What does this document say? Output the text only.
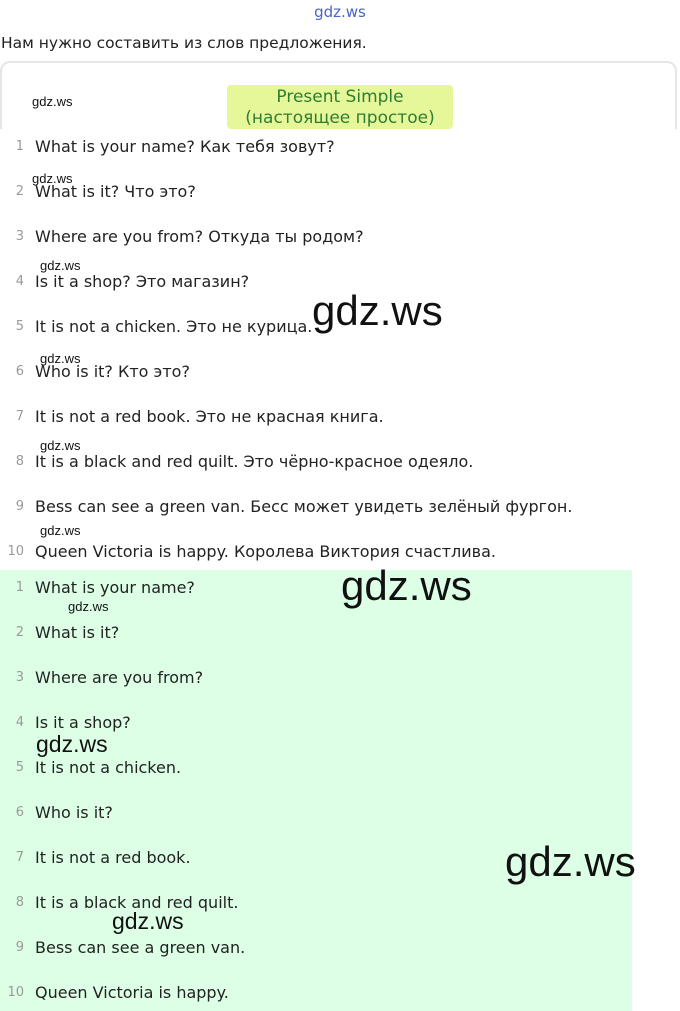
gdz.ws
Нам нужно составить из слов предложения.
Present Simple
(настоящее простое)
1 What is your name? Как тебя зовут?
2 What is it? Что это?
3 Where are you from? Откуда ты родом?
4 Is it a shop? Это магазин?
5 It is not a chicken. Это не курица.
6 Who is it? Кто это?
7 It is not a red book. Это не красная книга.
8 It is a black and red quilt. Это чёрно-красное одеяло.
9 Bess can see a green van. Бесс может увидеть зелёный фургон.
10 Queen Victoria is happy. Королева Виктория счастлива.
1 What is your name?
2 What is it?
3 Where are you from?
4 Is it a shop?
5 It is not a chicken.
6 Who is it?
7 It is not a red book.
8 It is a black and red quilt.
9 Bess can see a green van.
10 Queen Victoria is happy.
gdz.ws
gdz.ws
gdz.ws
gdz.ws
gdz.ws
gdz.ws
gdz.ws
gdz.ws
gdz.ws
gdz.ws
gdz.ws
gdz.ws
